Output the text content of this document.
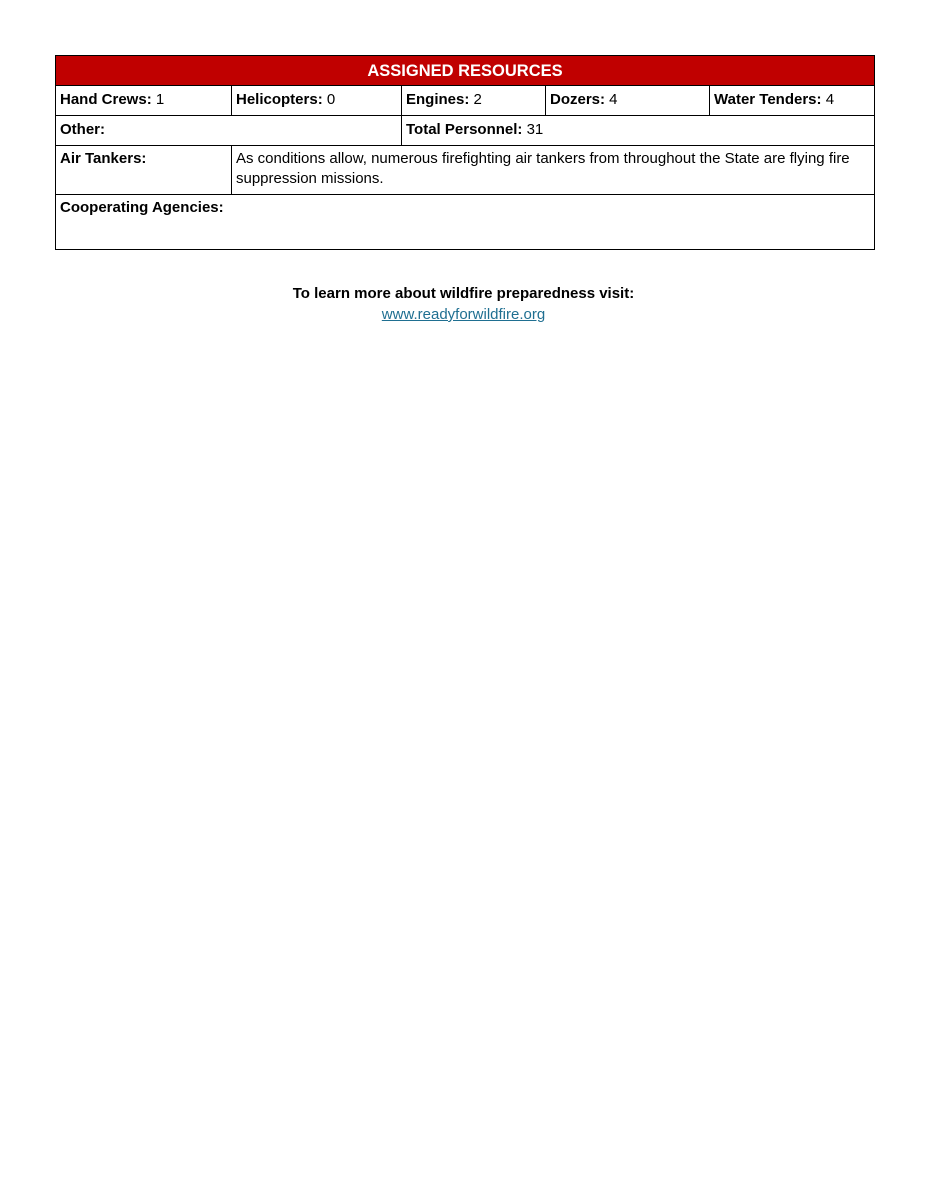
ASSIGNED RESOURCES				
Hand Crews: 1	Helicopters: 0	Engines: 2	Dozers: 4	Water Tenders: 4
Other:		Total Personnel: 31		
Air Tankers:	As conditions allow, numerous firefighting air tankers from throughout the State are flying fire suppression missions.			
Cooperating Agencies:				
To learn more about wildfire preparedness visit:
www.readyforwildfire.org
